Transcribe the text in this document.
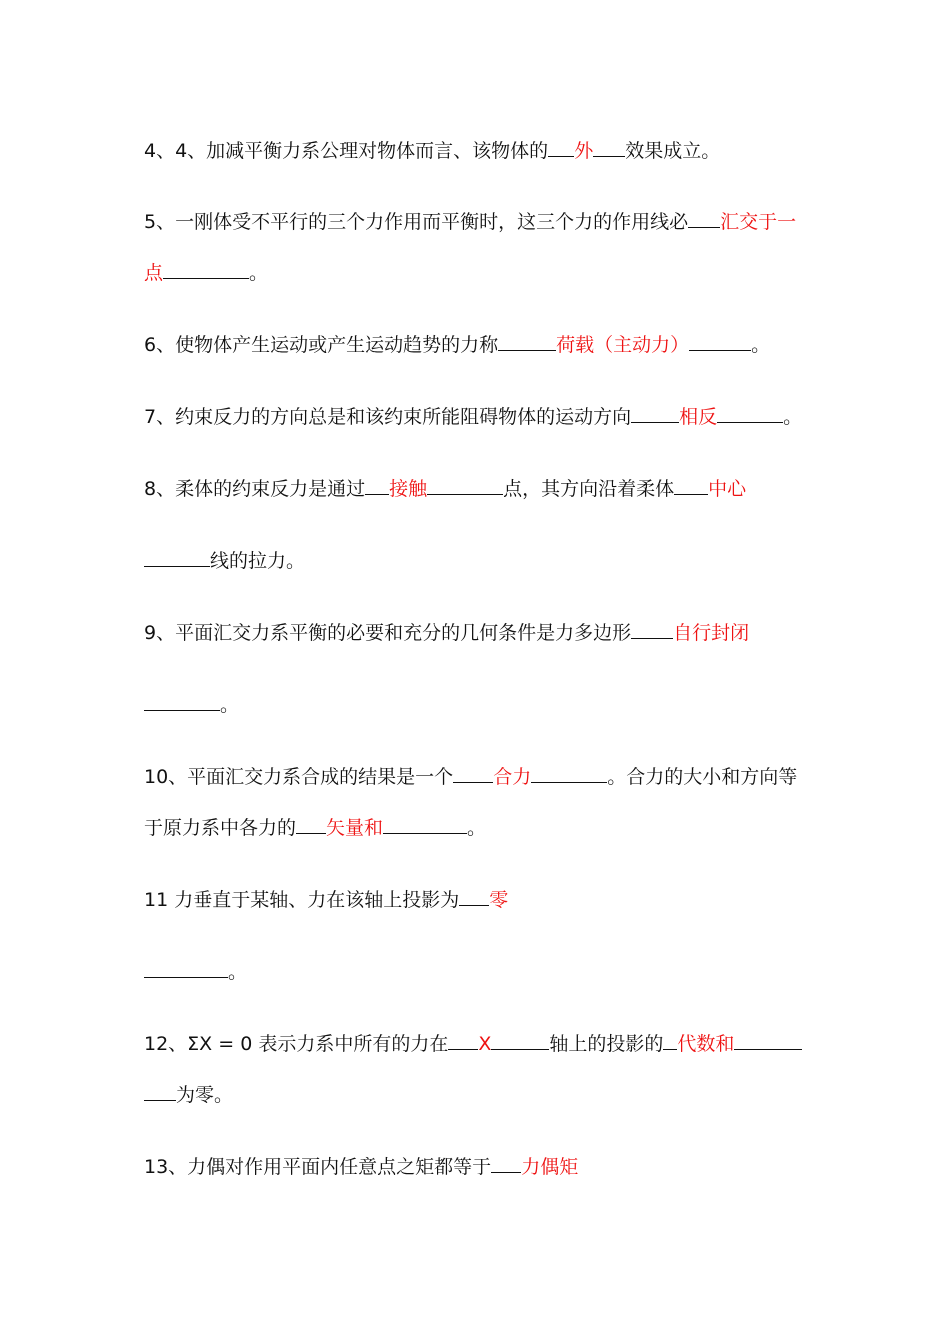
4、4、加减平衡力系公理对物体而言、该物体的 外 效果成立。
5、一刚体受不平行的三个力作用而平衡时，这三个力的作用线必 汇交于一
点	。
6、使物体产生运动或产生运动趋势的力称	荷载（主动力）	。
7、约束反力的方向总是和该约束所能阻碍物体的运动方向	相反	。
8、柔体的约束反力是通过 接触	点，其方向沿着柔体 中心
线的拉力。
9、平面汇交力系平衡的必要和充分的几何条件是力多边形 自行封闭
。
10、平面汇交力系合成的结果是一个 合力	。合力的大小和方向等
于原力系中各力的 矢量和	。
11 力垂直于某轴、力在该轴上投影为 零
。
12、ΣX = 0 表示力系中所有的力在 X	轴上的投影的 代数和
为零。
13、力偶对作用平面内任意点之矩都等于 力偶矩
